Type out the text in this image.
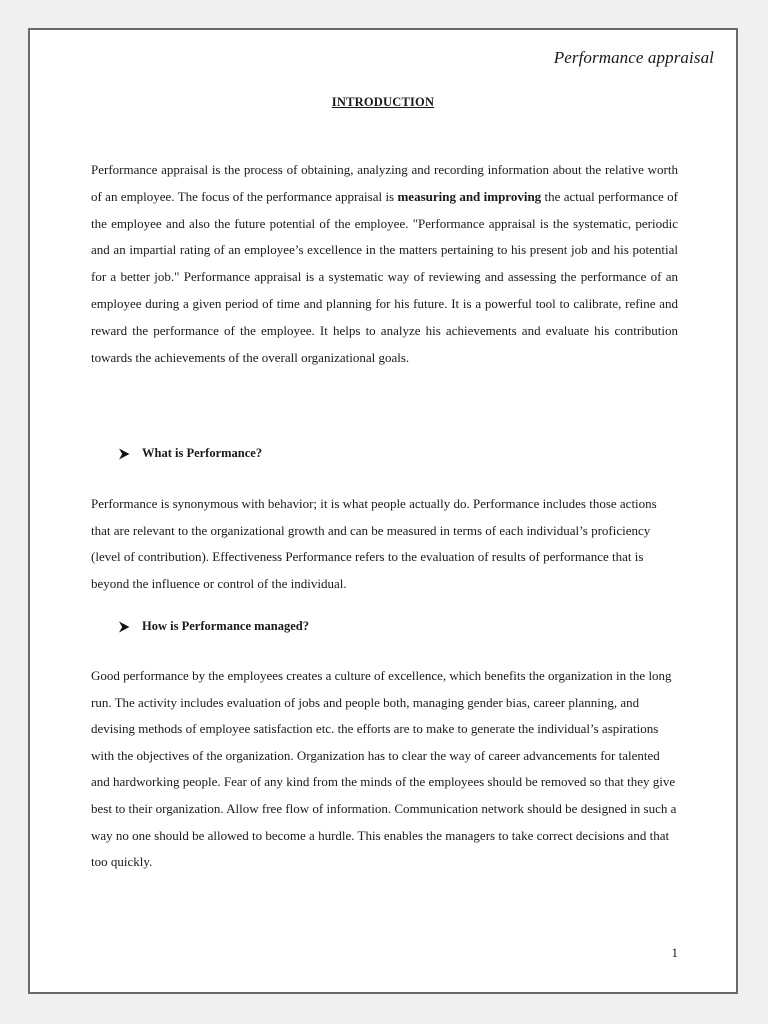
Performance appraisal
INTRODUCTION

Performance appraisal is the process of obtaining, analyzing and recording information about the relative worth of an employee. The focus of the performance appraisal is measuring and improving the actual performance of the employee and also the future potential of the employee. "Performance appraisal is the systematic, periodic and an impartial rating of an employee’s excellence in the matters pertaining to his present job and his potential for a better job." Performance appraisal is a systematic way of reviewing and assessing the performance of an employee during a given period of time and planning for his future. It is a powerful tool to calibrate, refine and reward the performance of the employee. It helps to analyze his achievements and evaluate his contribution towards the achievements of the overall organizational goals.

What is Performance?

Performance is synonymous with behavior; it is what people actually do. Performance includes those actions that are relevant to the organizational growth and can be measured in terms of each individual’s proficiency (level of contribution). Effectiveness Performance refers to the evaluation of results of performance that is beyond the influence or control of the individual.

How is Performance managed?

Good performance by the employees creates a culture of excellence, which benefits the organization in the long run. The activity includes evaluation of jobs and people both, managing gender bias, career planning, and devising methods of employee satisfaction etc. the efforts are to make to generate the individual’s aspirations with the objectives of the organization. Organization has to clear the way of career advancements for talented and hardworking people. Fear of any kind from the minds of the employees should be removed so that they give best to their organization. Allow free flow of information. Communication network should be designed in such a way no one should be allowed to become a hurdle. This enables the managers to take correct decisions and that too quickly.

1
